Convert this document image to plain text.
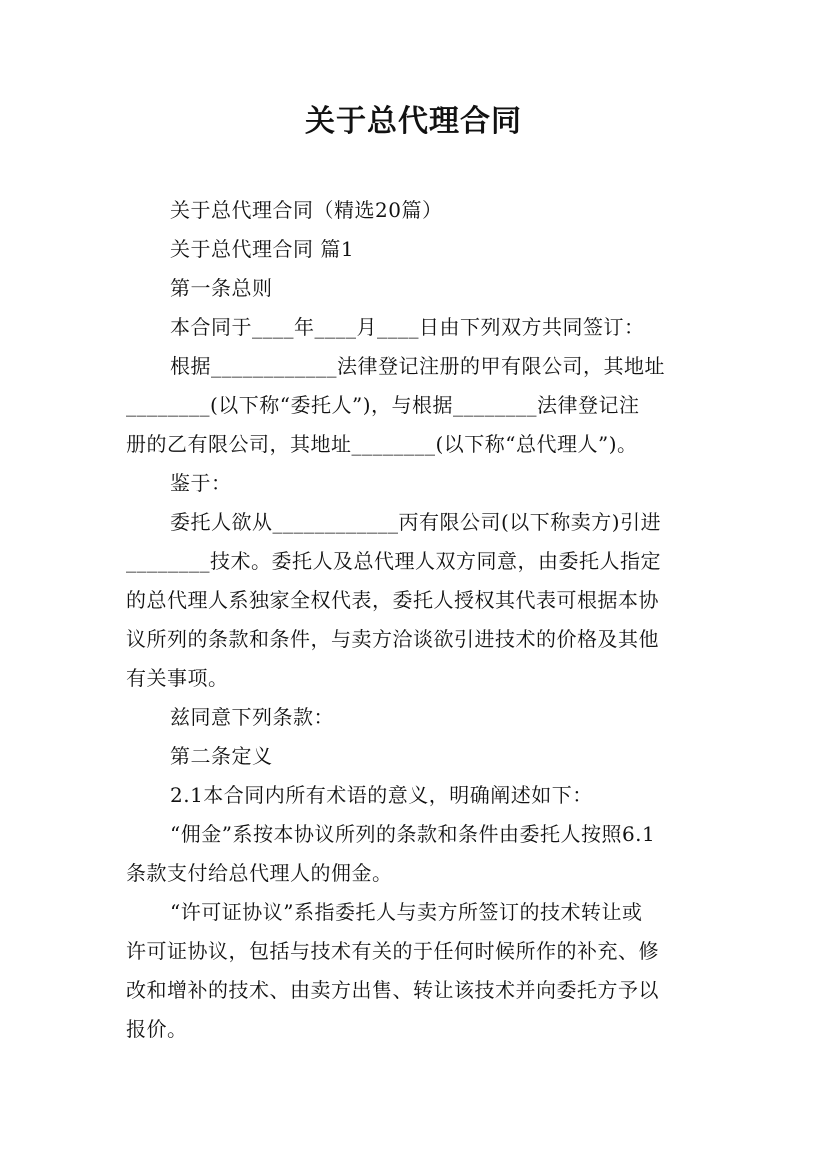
关于总代理合同
关于总代理合同（精选20篇）
关于总代理合同 篇1
第一条总则
本合同于____年____月____日由下列双方共同签订：
根据____________法律登记注册的甲有限公司，其地址
________(以下称“委托人”)，与根据________法律登记注
册的乙有限公司，其地址________(以下称“总代理人”)。
鉴于：
委托人欲从____________丙有限公司(以下称卖方)引进
________技术。委托人及总代理人双方同意，由委托人指定
的总代理人系独家全权代表，委托人授权其代表可根据本协
议所列的条款和条件，与卖方洽谈欲引进技术的价格及其他
有关事项。
兹同意下列条款：
第二条定义
2.1本合同内所有术语的意义，明确阐述如下：
“佣金”系按本协议所列的条款和条件由委托人按照6.1
条款支付给总代理人的佣金。
“许可证协议”系指委托人与卖方所签订的技术转让或
许可证协议，包括与技术有关的于任何时候所作的补充、修
改和增补的技术、由卖方出售、转让该技术并向委托方予以
报价。
